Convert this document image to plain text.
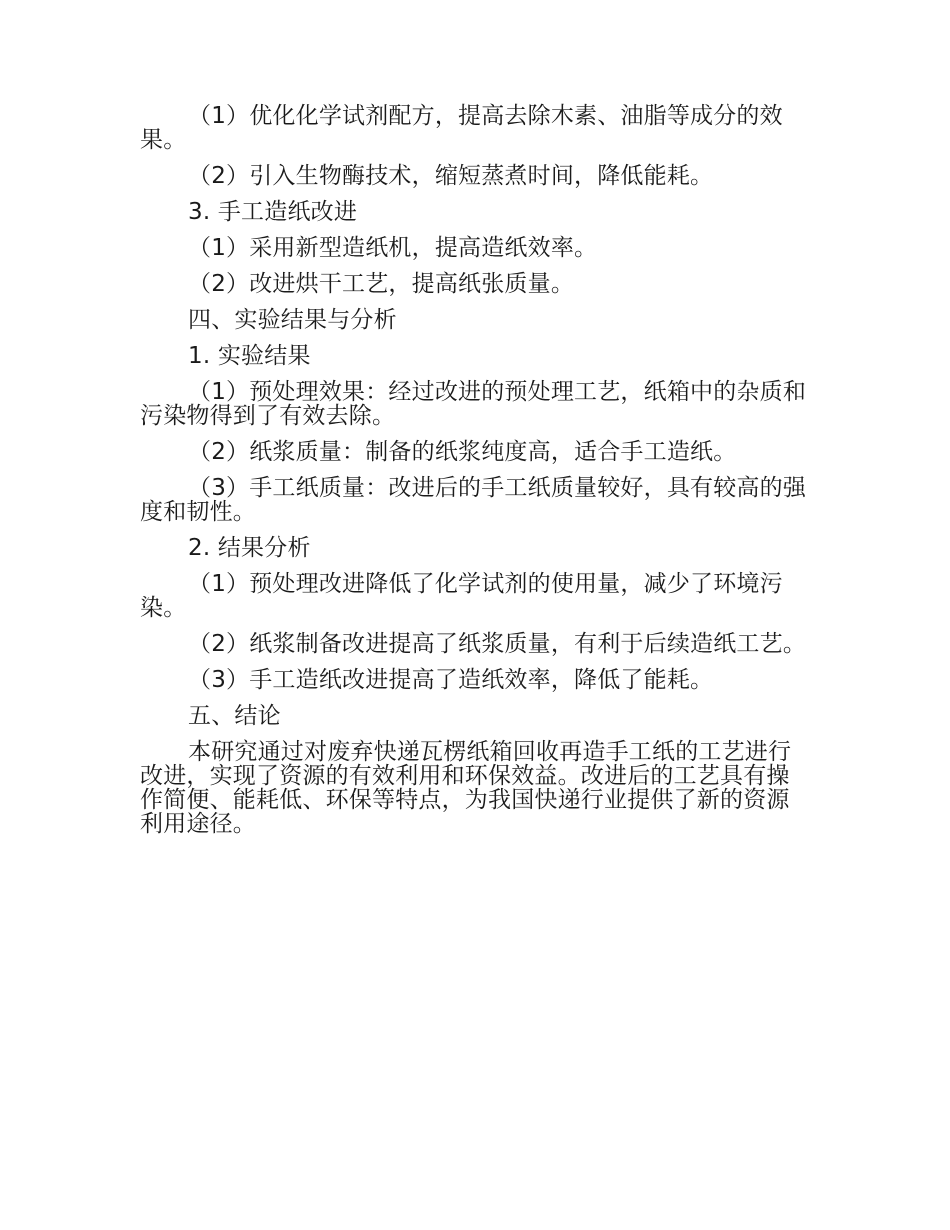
（1）优化化学试剂配方，提高去除木素、油脂等成分的效果。

（2）引入生物酶技术，缩短蒸煮时间，降低能耗。

3. 手工造纸改进

（1）采用新型造纸机，提高造纸效率。

（2）改进烘干工艺，提高纸张质量。

四、实验结果与分析

1. 实验结果

（1）预处理效果：经过改进的预处理工艺，纸箱中的杂质和污染物得到了有效去除。

（2）纸浆质量：制备的纸浆纯度高，适合手工造纸。

（3）手工纸质量：改进后的手工纸质量较好，具有较高的强度和韧性。

2. 结果分析

（1）预处理改进降低了化学试剂的使用量，减少了环境污染。

（2）纸浆制备改进提高了纸浆质量，有利于后续造纸工艺。

（3）手工造纸改进提高了造纸效率，降低了能耗。

五、结论

本研究通过对废弃快递瓦楞纸箱回收再造手工纸的工艺进行改进，实现了资源的有效利用和环保效益。改进后的工艺具有操作简便、能耗低、环保等特点，为我国快递行业提供了新的资源利用途径。
